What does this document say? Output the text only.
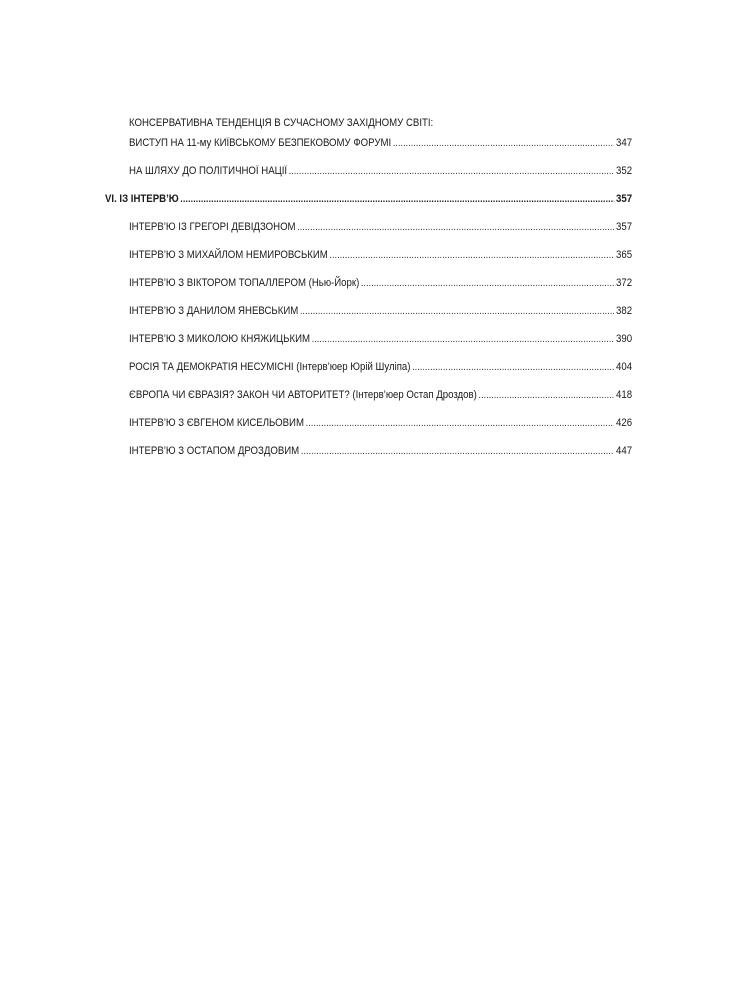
КОНСЕРВАТИВНА ТЕНДЕНЦІЯ В СУЧАСНОМУ ЗАХІДНОМУ СВІТІ:
ВИСТУП НА 11-му КИЇВСЬКОМУ БЕЗПЕКОВОМУ ФОРУМІ .....	347
НА ШЛЯХУ ДО ПОЛІТИЧНОЇ НАЦІЇ .....	352
VI. ІЗ ІНТЕРВ’Ю .....	357
ІНТЕРВ’Ю ІЗ ГРЕГОРІ ДЕВІДЗОНОМ .....	357
ІНТЕРВ’Ю З МИХАЙЛОМ НЕМИРОВСЬКИМ .....	365
ІНТЕРВ’Ю З ВІКТОРОМ ТОПАЛЛЕРОМ (Нью-Йорк) .....	372
ІНТЕРВ’Ю З ДАНИЛОМ ЯНЕВСЬКИМ .....	382
ІНТЕРВ’Ю З МИКОЛОЮ КНЯЖИЦЬКИМ .....	390
РОСІЯ ТА ДЕМОКРАТІЯ НЕСУМІСНІ (Інтерв’юер Юрій Шуліпа) .....	404
ЄВРОПА ЧИ ЄВРАЗІЯ? ЗАКОН ЧИ АВТОРИТЕТ? (Інтерв’юер Остап Дроздов) .....	418
ІНТЕРВ’Ю З ЄВГЕНОМ КИСЕЛЬОВИМ .....	426
ІНТЕРВ’Ю З ОСТАПОМ ДРОЗДОВИМ .....	447
